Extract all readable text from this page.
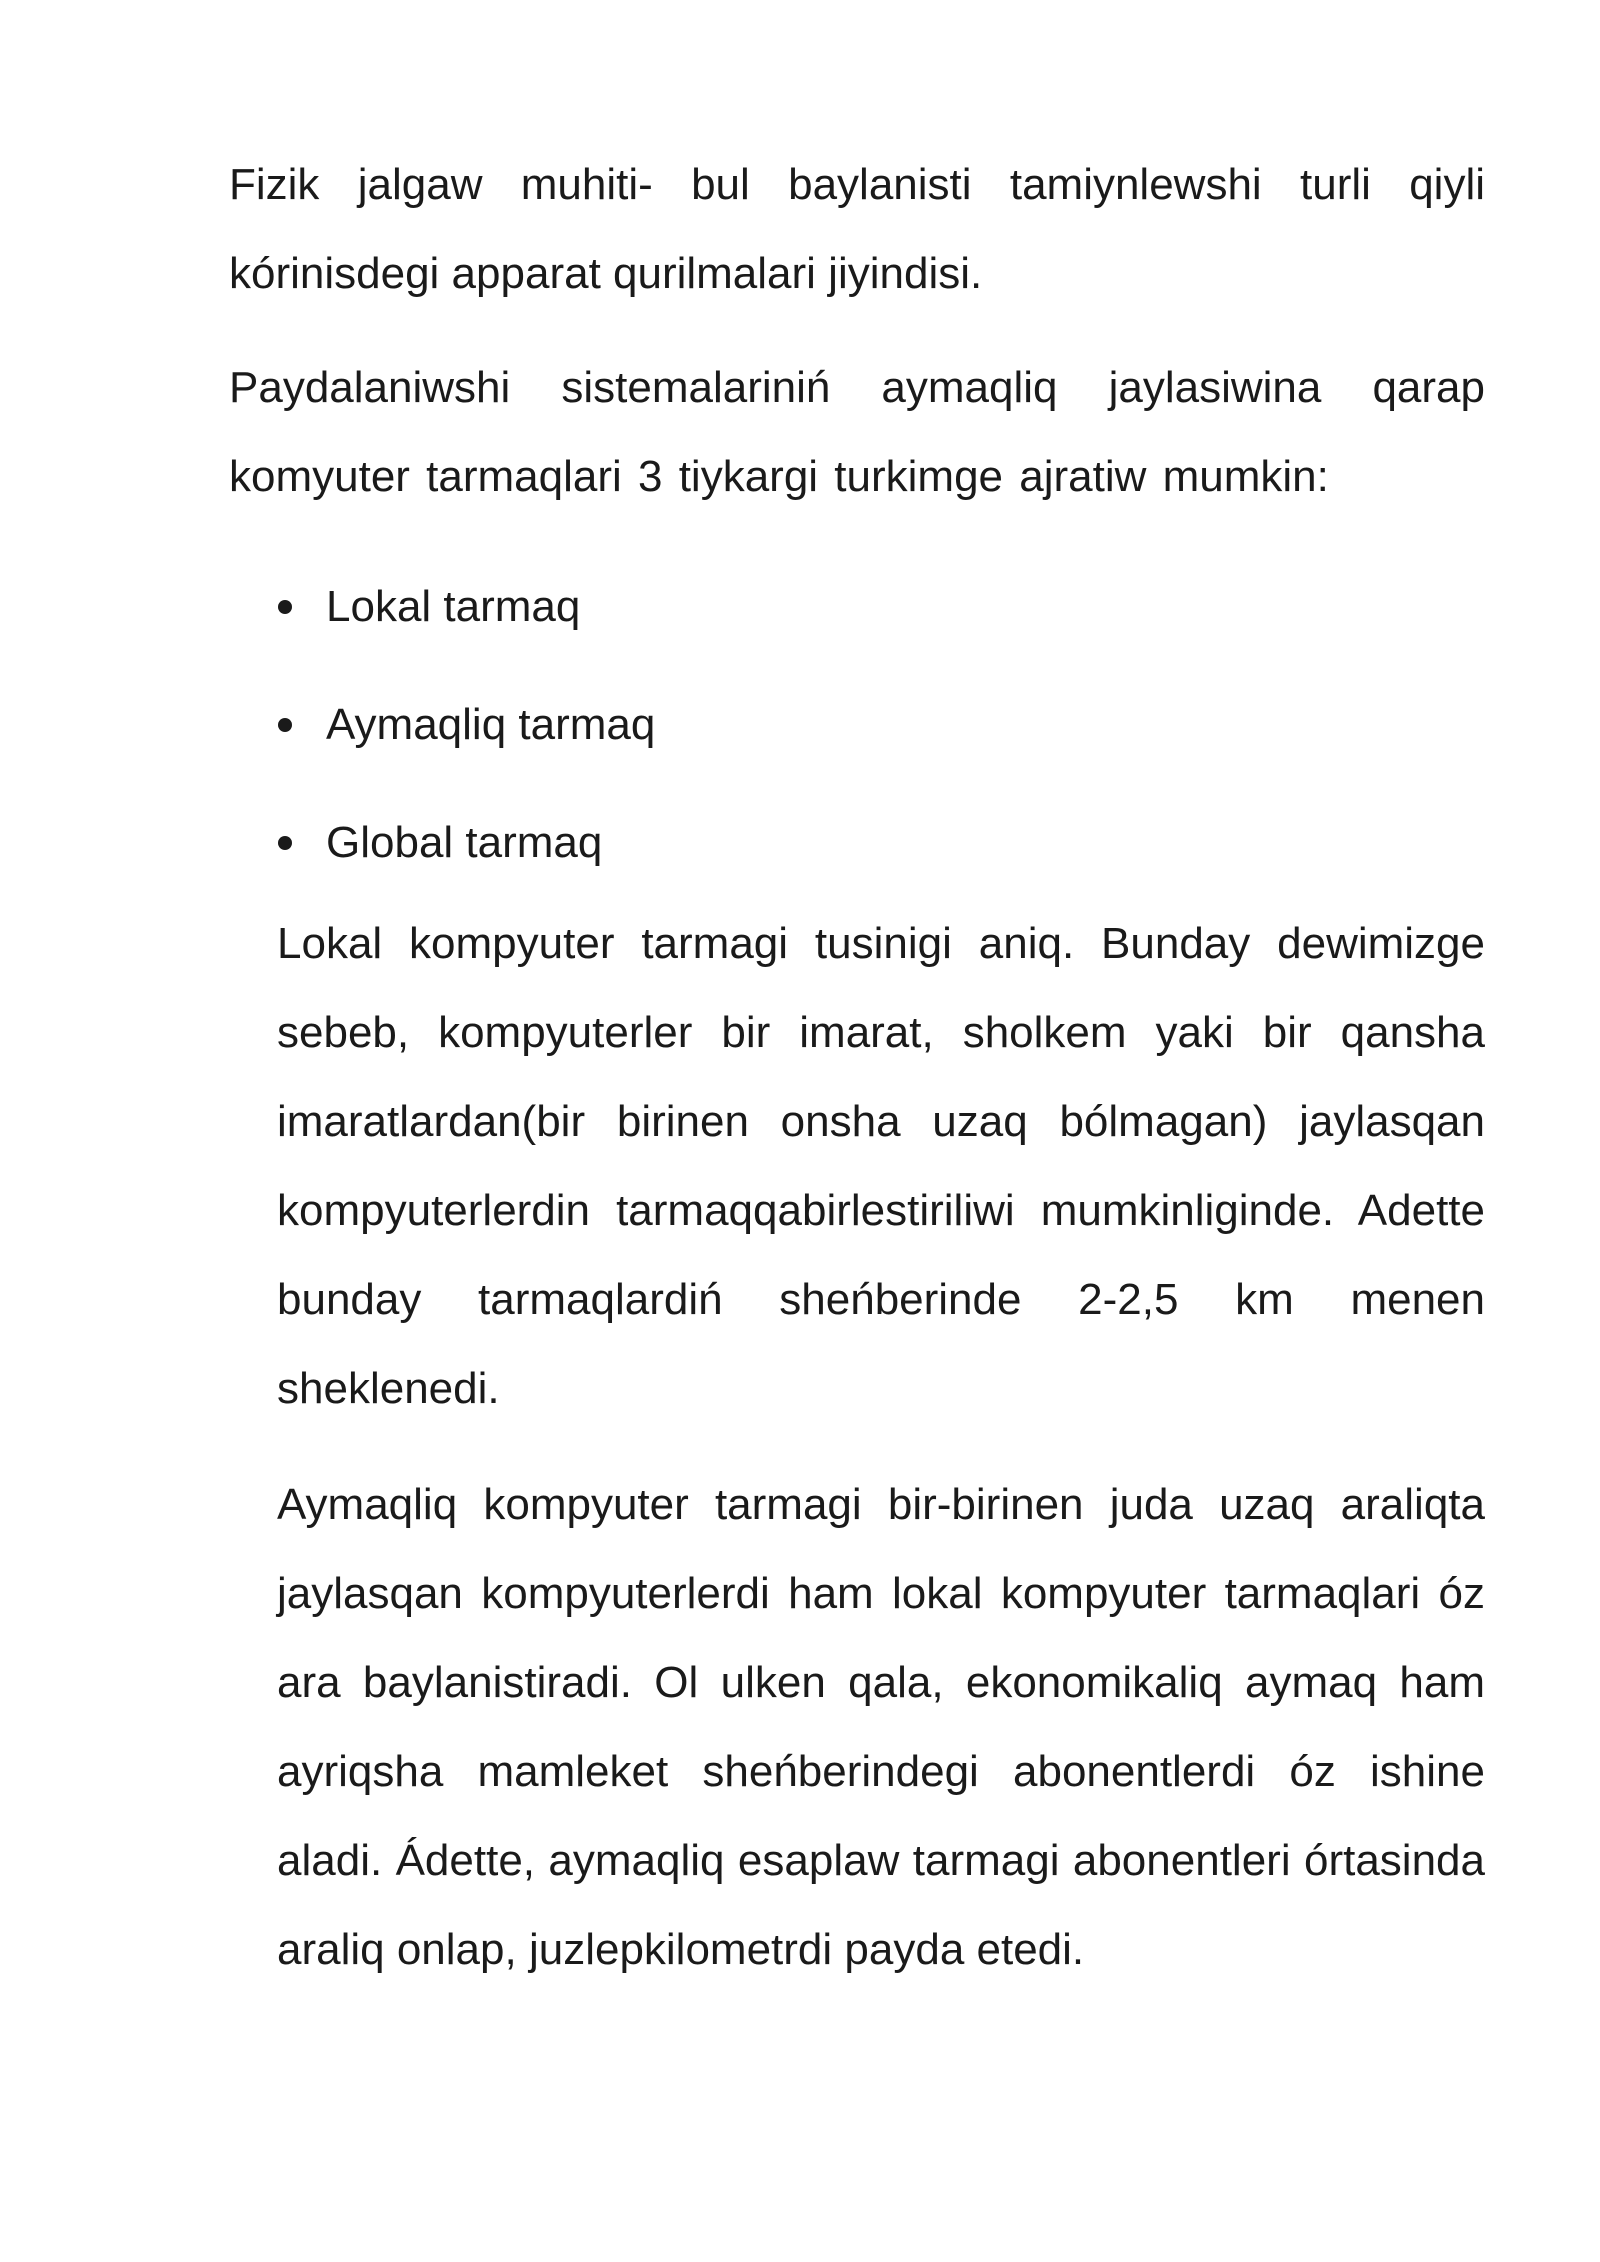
Fizik jalgaw muhiti- bul baylanisti tamiynlewshi turli qiyli kórinisdegi apparat qurilmalari jiyindisi.

Paydalaniwshi sistemalariniń aymaqliq jaylasiwina qarap komyuter tarmaqlari 3 tiykargi turkimge ajratiw mumkin:

Lokal tarmaq
Aymaqliq tarmaq
Global tarmaq

Lokal kompyuter tarmagi tusinigi aniq. Bunday dewimizge sebeb, kompyuterler bir imarat, sholkem yaki bir qansha imaratlardan(bir birinen onsha uzaq bólmagan) jaylasqan kompyuterlerdin tarmaqqabirlestiriliwi mumkinliginde. Adette bunday tarmaqlardiń sheńberinde 2-2,5 km menen sheklenedi.

Aymaqliq kompyuter tarmagi bir-birinen juda uzaq araliqta jaylasqan kompyuterlerdi ham lokal kompyuter tarmaqlari óz ara baylanistiradi. Ol ulken qala, ekonomikaliq aymaq ham ayriqsha mamleket sheńberindegi abonentlerdi óz ishine aladi. Ádette, aymaqliq esaplaw tarmagi abonentleri órtasinda araliq onlap, juzlepkilometrdi payda etedi.
